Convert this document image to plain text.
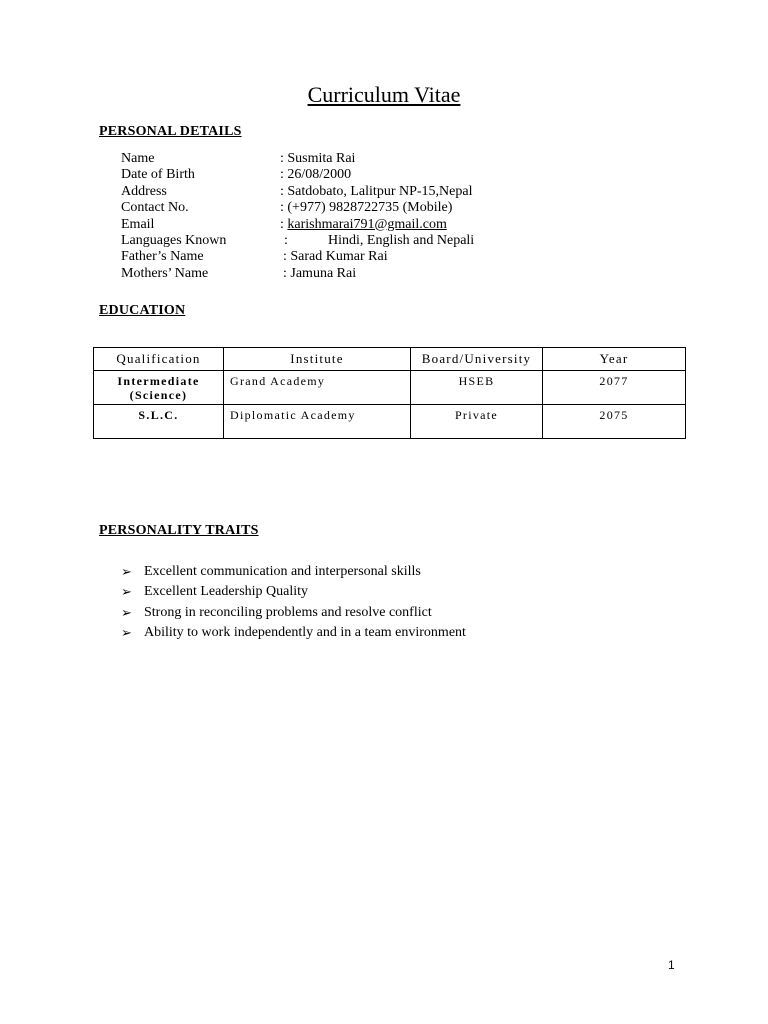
Curriculum Vitae
PERSONAL DETAILS
Name	: Susmita Rai
Date of Birth	: 26/08/2000
Address	: Satdobato, Lalitpur NP-15,Nepal
Contact No.	: (+977) 9828722735 (Mobile)
Email	: karishmarai791@gmail.com
Languages Known	:	Hindi, English and Nepali
Father’s Name	: Sarad Kumar Rai
Mothers’ Name	: Jamuna Rai
EDUCATION
Qualification	Institute	Board/University	Year

Intermediate
(Science)	Grand Academy	HSEB	2077

S.L.C.	Diplomatic Academy	Private	2075
PERSONALITY TRAITS
➢ Excellent communication and interpersonal skills
➢ Excellent Leadership Quality
➢ Strong in reconciling problems and resolve conflict
➢ Ability to work independently and in a team environment
1
